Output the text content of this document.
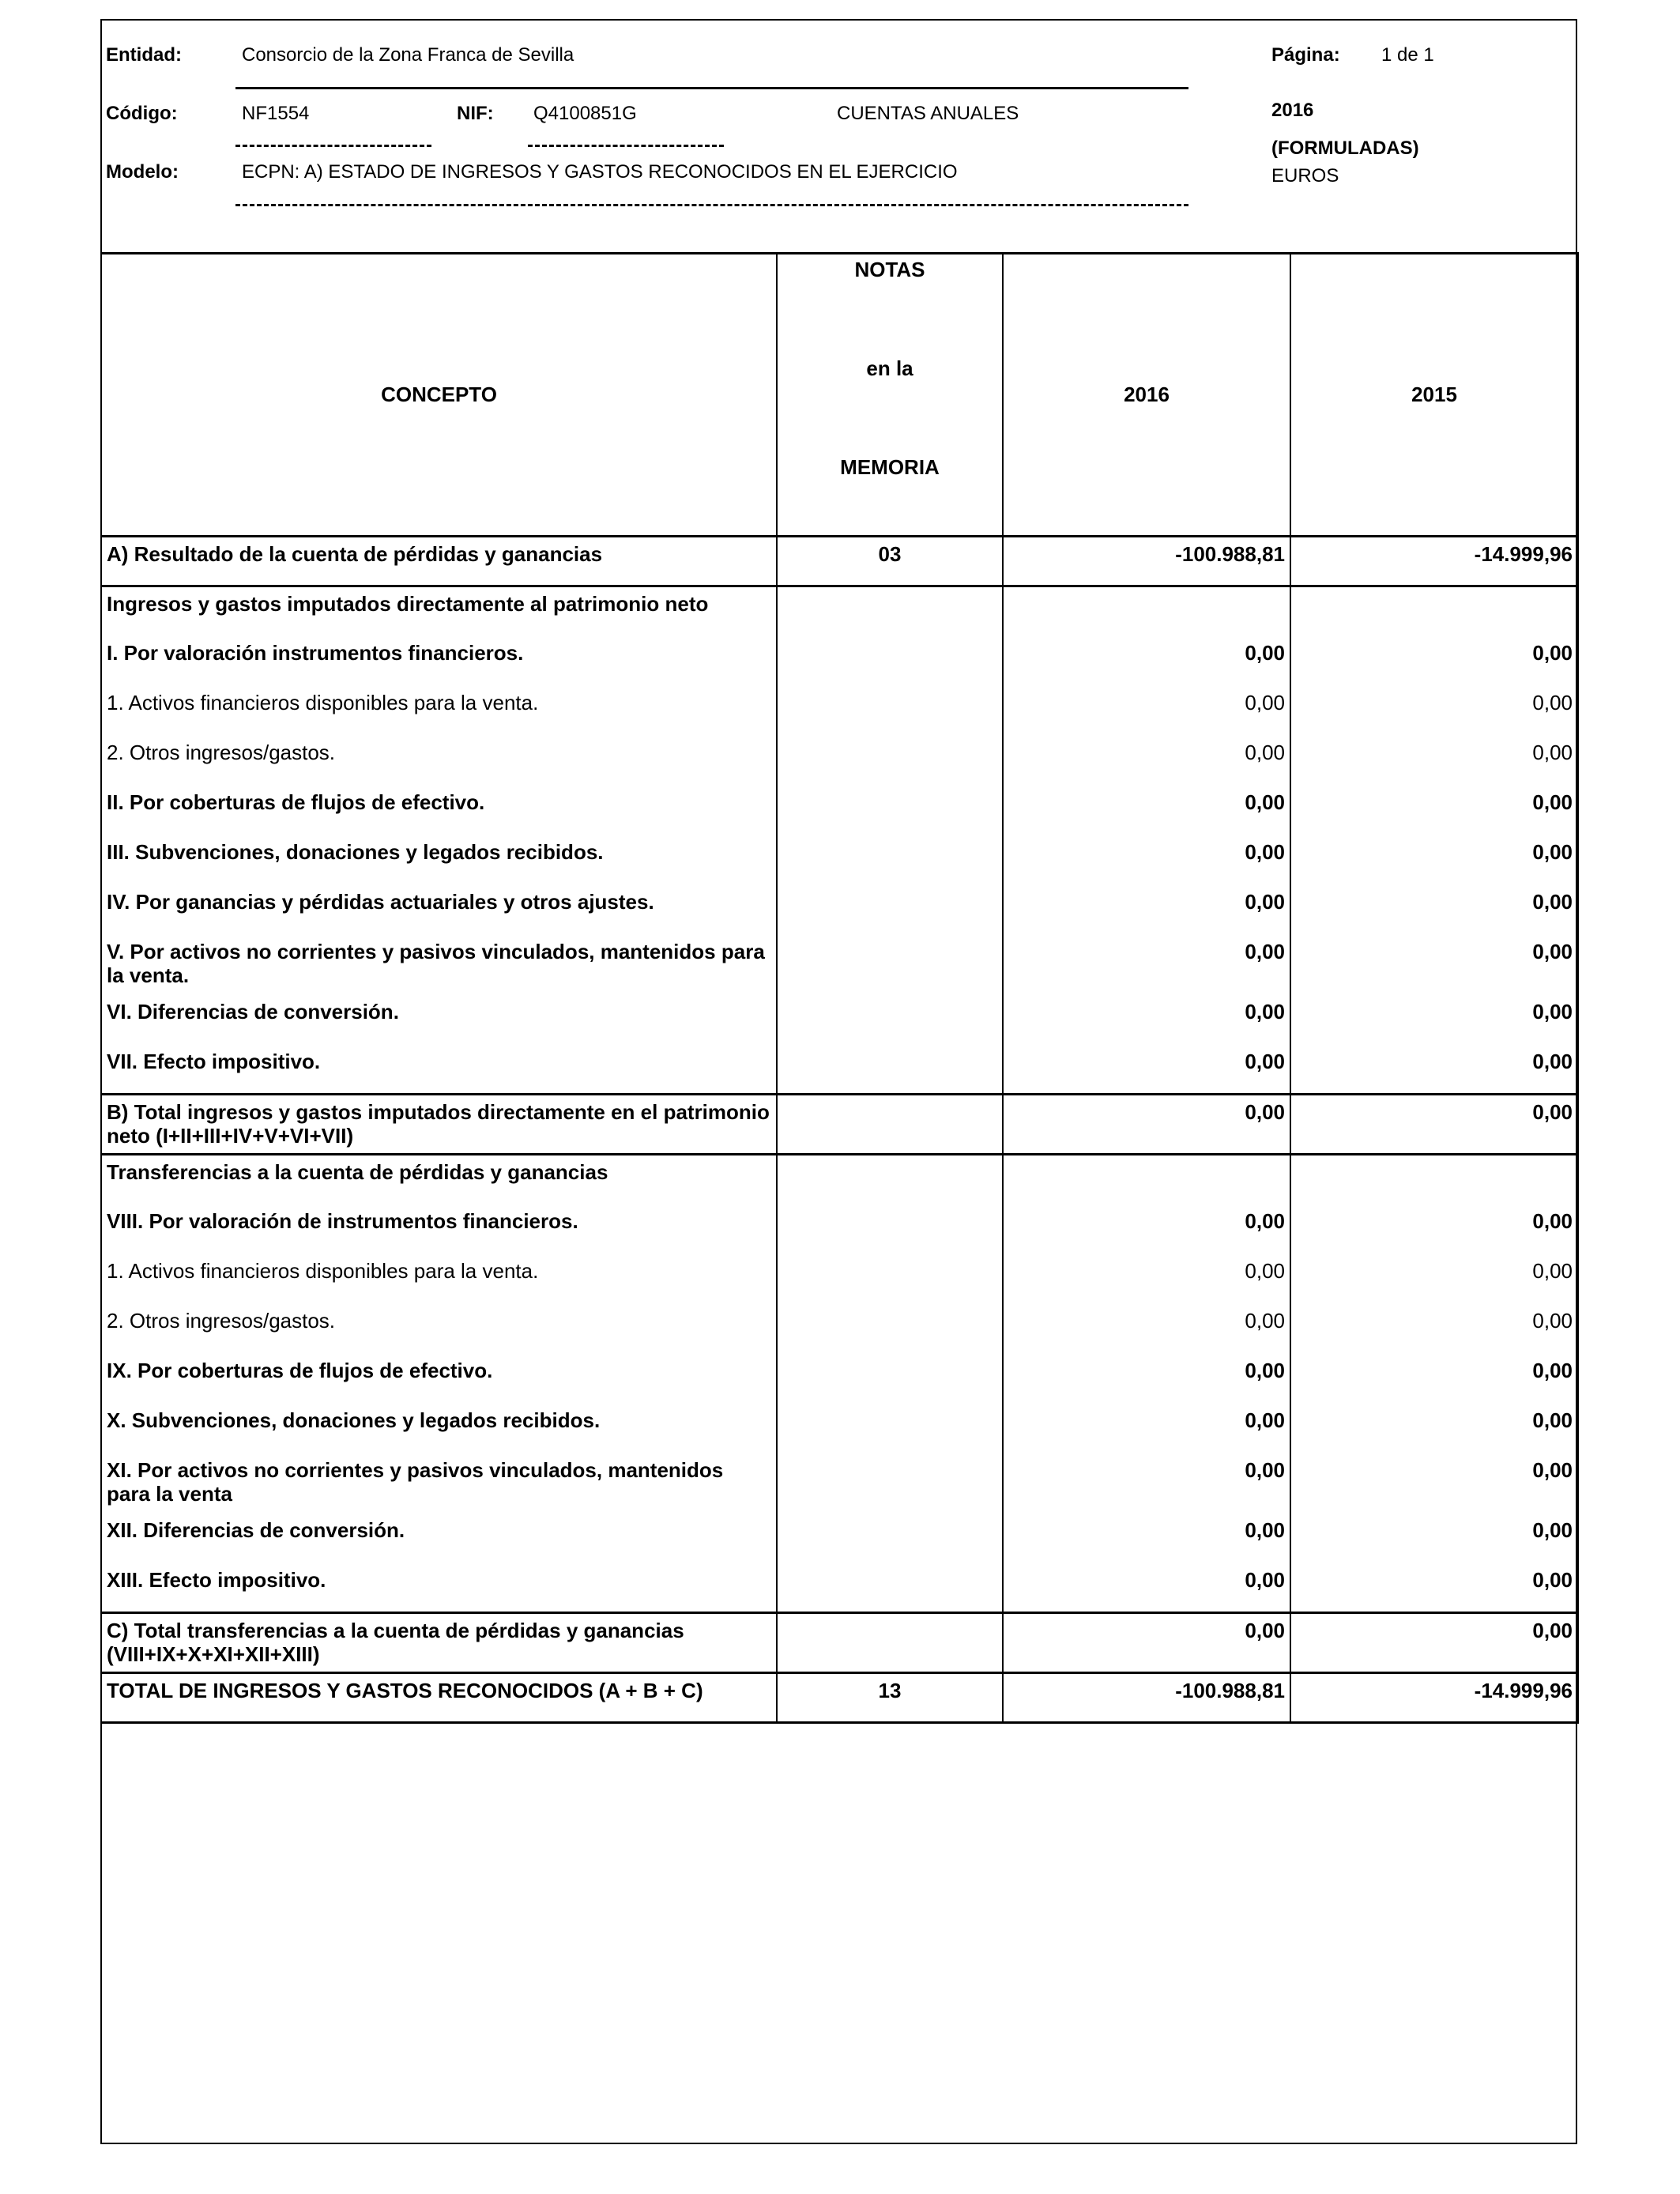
Entidad:	Consorcio de la Zona Franca de Sevilla	Página: 1 de 1
Código:	NF1554	NIF: Q4100851G	CUENTAS ANUALES	2016
(FORMULADAS)
Modelo:	ECPN: A) ESTADO DE INGRESOS Y GASTOS RECONOCIDOS EN EL EJERCICIO	EUROS
CONCEPTO	NOTAS
en la
MEMORIA	2016	2015
A) Resultado de la cuenta de pérdidas y ganancias	03	-100.988,81	-14.999,96
Ingresos y gastos imputados directamente al patrimonio neto			
I. Por valoración instrumentos financieros.		0,00	0,00
1. Activos financieros disponibles para la venta.		0,00	0,00
2. Otros ingresos/gastos.		0,00	0,00
II. Por coberturas de flujos de efectivo.		0,00	0,00
III. Subvenciones, donaciones y legados recibidos.		0,00	0,00
IV. Por ganancias y pérdidas actuariales y otros ajustes.		0,00	0,00
V. Por activos no corrientes y pasivos vinculados, mantenidos para la venta.		0,00	0,00
VI. Diferencias de conversión.		0,00	0,00
VII. Efecto impositivo.		0,00	0,00
B) Total ingresos y gastos imputados directamente en el patrimonio neto (I+II+III+IV+V+VI+VII)		0,00	0,00
Transferencias a la cuenta de pérdidas y ganancias			
VIII. Por valoración de instrumentos financieros.		0,00	0,00
1. Activos financieros disponibles para la venta.		0,00	0,00
2. Otros ingresos/gastos.		0,00	0,00
IX. Por coberturas de flujos de efectivo.		0,00	0,00
X. Subvenciones, donaciones y legados recibidos.		0,00	0,00
XI. Por activos no corrientes y pasivos vinculados, mantenidos para la venta		0,00	0,00
XII. Diferencias de conversión.		0,00	0,00
XIII. Efecto impositivo.		0,00	0,00
C) Total transferencias a la cuenta de pérdidas y ganancias (VIII+IX+X+XI+XII+XIII)		0,00	0,00
TOTAL DE INGRESOS Y GASTOS RECONOCIDOS (A + B + C)	13	-100.988,81	-14.999,96
